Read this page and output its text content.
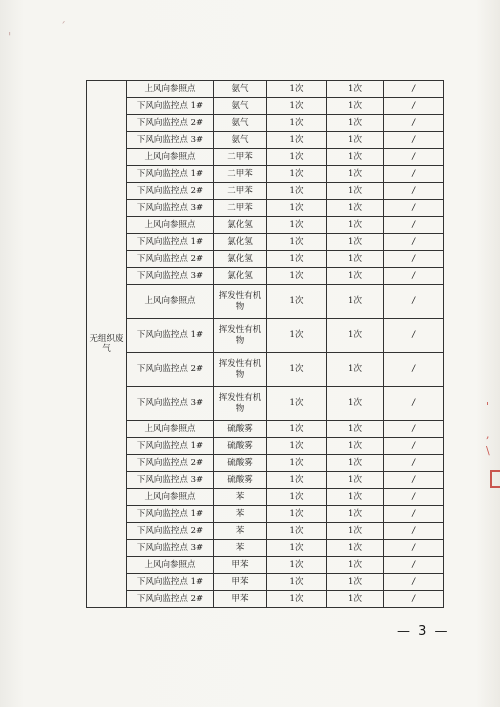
'
ˊ
无组织废气	上风向参照点	氨气	1次	1次	/
	下风向监控点 1#	氨气	1次	1次	/
	下风向监控点 2#	氨气	1次	1次	/
	下风向监控点 3#	氨气	1次	1次	/
	上风向参照点	二甲苯	1次	1次	/
	下风向监控点 1#	二甲苯	1次	1次	/
	下风向监控点 2#	二甲苯	1次	1次	/
	下风向监控点 3#	二甲苯	1次	1次	/
	上风向参照点	氯化氢	1次	1次	/
	下风向监控点 1#	氯化氢	1次	1次	/
	下风向监控点 2#	氯化氢	1次	1次	/
	下风向监控点 3#	氯化氢	1次	1次	/
	上风向参照点	挥发性有机物	1次	1次	/
	下风向监控点 1#	挥发性有机物	1次	1次	/
	下风向监控点 2#	挥发性有机物	1次	1次	/
	下风向监控点 3#	挥发性有机物	1次	1次	/
	上风向参照点	硫酸雾	1次	1次	/
	下风向监控点 1#	硫酸雾	1次	1次	/
	下风向监控点 2#	硫酸雾	1次	1次	/
	下风向监控点 3#	硫酸雾	1次	1次	/
	上风向参照点	苯	1次	1次	/
	下风向监控点 1#	苯	1次	1次	/
	下风向监控点 2#	苯	1次	1次	/
	下风向监控点 3#	苯	1次	1次	/
	上风向参照点	甲苯	1次	1次	/
	下风向监控点 1#	甲苯	1次	1次	/
	下风向监控点 2#	甲苯	1次	1次	/
— 3 —
'
,
\
